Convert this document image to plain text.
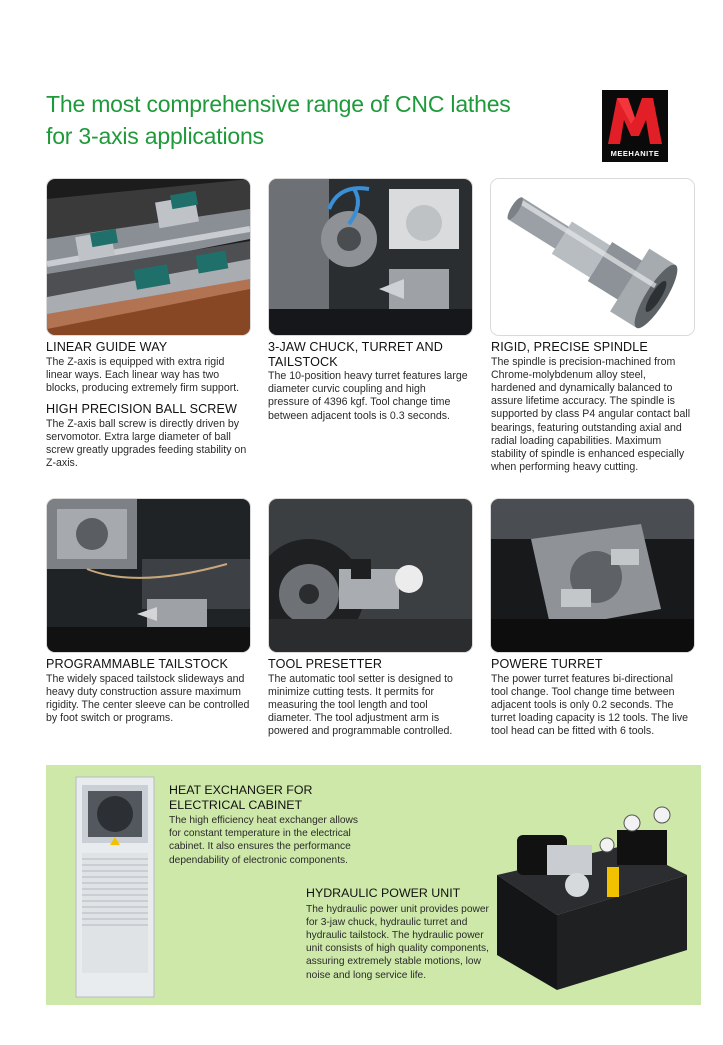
The most comprehensive range of CNC lathes
for 3-axis applications
MEEHANITE
LINEAR GUIDE WAY

The Z-axis is equipped with extra rigid linear ways. Each linear way has two blocks, producing extremely firm support.

HIGH PRECISION BALL SCREW

The Z-axis ball screw is directly driven by servomotor. Extra large diameter of ball screw greatly upgrades feeding stability on Z-axis.

3-JAW CHUCK, TURRET AND TAILSTOCK

The 10-position heavy turret features large diameter curvic coupling and high pressure of 4396 kgf. Tool change time between adjacent tools is 0.3 seconds.

RIGID, PRECISE SPINDLE

The spindle is precision-machined from Chrome-molybdenum alloy steel, hardened and dynamically balanced to assure lifetime accuracy. The spindle is supported by class P4 angular contact ball bearings, featuring outstanding axial and radial loading capabilities. Maximum stability of spindle is enhanced especially when performing heavy cutting.

PROGRAMMABLE TAILSTOCK

The widely spaced tailstock slideways and heavy duty construction assure maximum rigidity. The center sleeve can be controlled by foot switch or programs.

TOOL PRESETTER

The automatic tool setter is designed to minimize cutting tests. It permits for measuring the tool length and tool diameter. The tool adjustment arm is powered and programmable controlled.

POWERE TURRET

The power turret features bi-directional tool change. Tool change time between adjacent tools is only 0.2 seconds. The turret loading capacity is 12 tools. The live tool head can be fitted with 6 tools.

HEAT EXCHANGER FOR
ELECTRICAL CABINET

The high efficiency heat exchanger allows for constant temperature in the electrical cabinet. It also ensures the performance dependability of electronic components.

HYDRAULIC POWER UNIT

The hydraulic power unit provides power for 3-jaw chuck, hydraulic turret and hydraulic tailstock. The hydraulic power unit consists of high quality components, assuring extremely stable motions, low noise and long service life.
